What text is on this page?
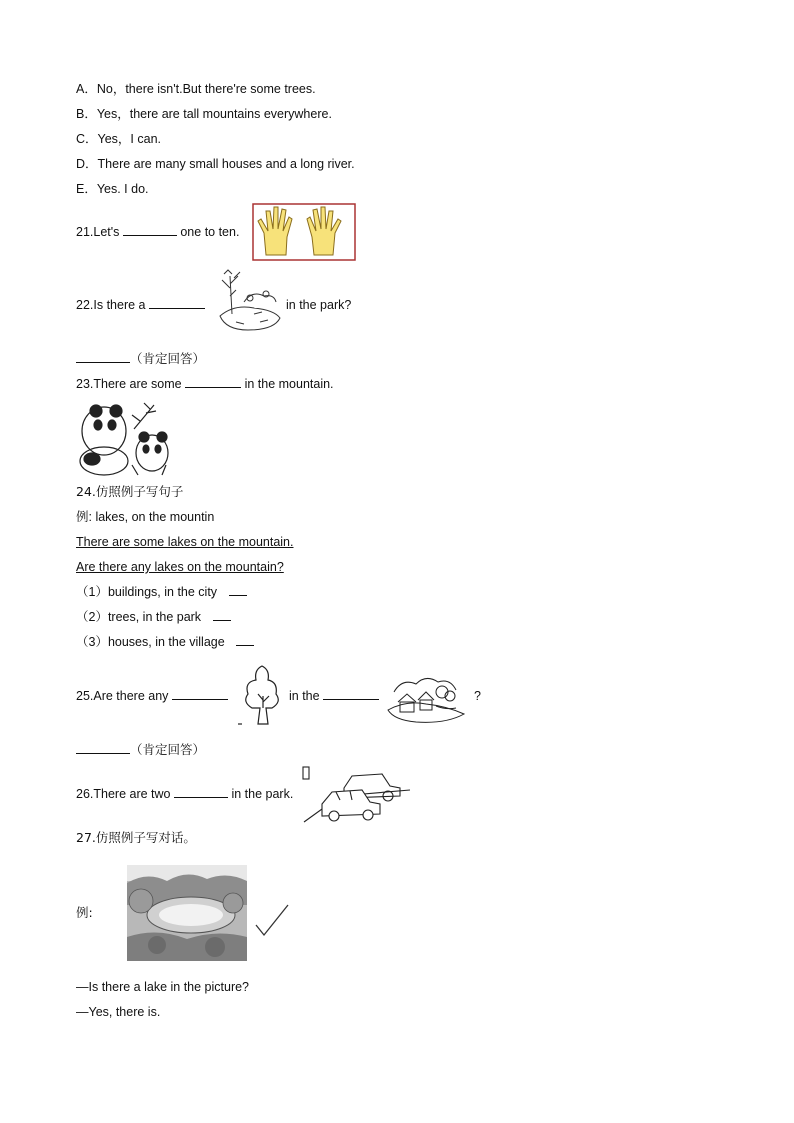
A．No，there isn't.But there're some trees.
B．Yes，there are tall mountains everywhere.
C．Yes，I can.
D．There are many small houses and a long river.
E．Yes. I do.
21.Let's	one to ten.
22.Is there a	in the park?
（肯定回答）
23.There are some	in the mountain.
24.仿照例子写句子
例: lakes, on the mountin
There are some lakes on the mountain.
Are there any lakes on the mountain?
（1）buildings, in the city
（2）trees, in the park
（3）houses, in the village
25.Are there any	in the	?
（肯定回答）
26.There are two	in the park.
27.仿照例子写对话。
例:
—Is there a lake in the picture?
—Yes, there is.
